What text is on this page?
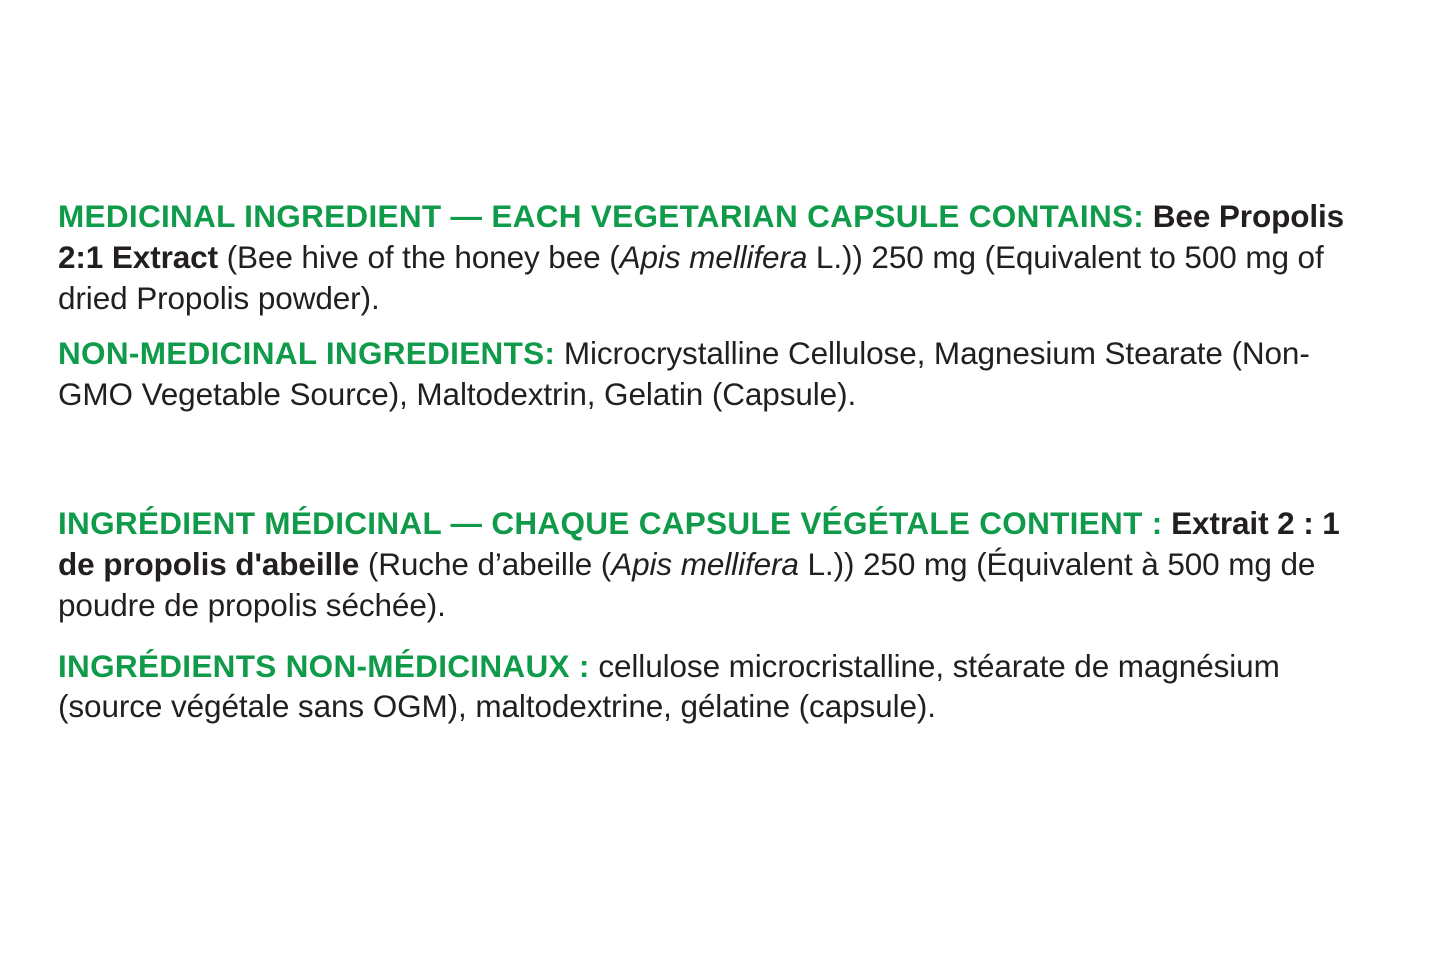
MEDICINAL INGREDIENT — EACH VEGETARIAN CAPSULE CONTAINS: Bee Propolis 2:1 Extract (Bee hive of the honey bee (Apis mellifera L.)) 250 mg (Equivalent to 500 mg of dried Propolis powder).

NON-MEDICINAL INGREDIENTS: Microcrystalline Cellulose, Magnesium Stearate (Non-GMO Vegetable Source), Maltodextrin, Gelatin (Capsule).

INGRÉDIENT MÉDICINAL — CHAQUE CAPSULE VÉGÉTALE CONTIENT : Extrait 2 : 1 de propolis d'abeille (Ruche d’abeille (Apis mellifera L.)) 250 mg (Équivalent à 500 mg de poudre de propolis séchée).

INGRÉDIENTS NON-MÉDICINAUX : cellulose microcristalline, stéarate de magnésium (source végétale sans OGM), maltodextrine, gélatine (capsule).
